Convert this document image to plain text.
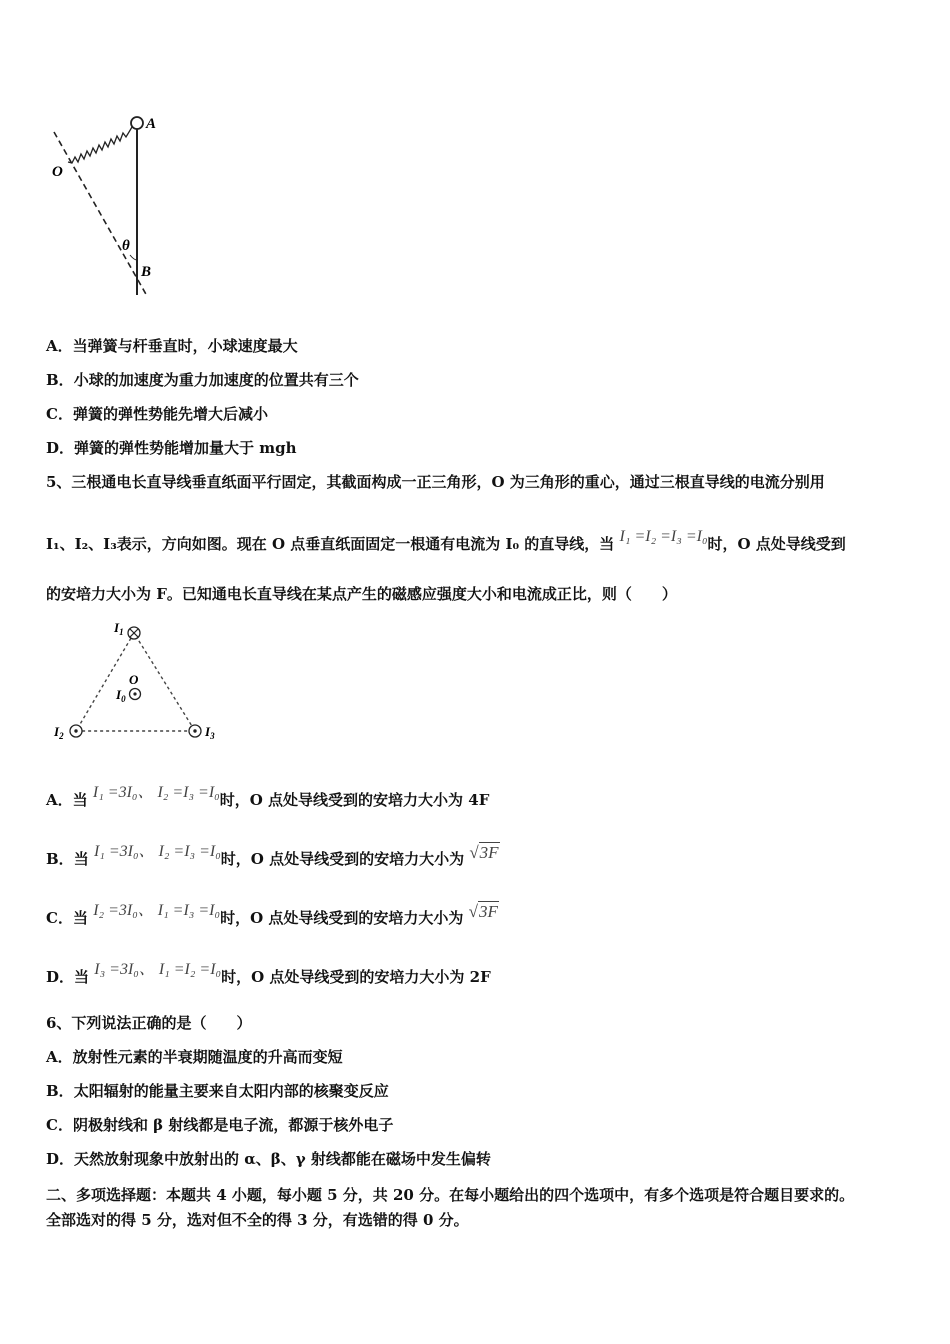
A
O
θ
B
A．当弹簧与杆垂直时，小球速度最大
B．小球的加速度为重力加速度的位置共有三个
C．弹簧的弹性势能先增大后减小
D．弹簧的弹性势能增加量大于 mgh
5、三根通电长直导线垂直纸面平行固定，其截面构成一正三角形，O 为三角形的重心，通过三根直导线的电流分别用
I₁、I₂、I₃表示，方向如图。现在 O 点垂直纸面固定一根通有电流为 I₀ 的直导线，当 I₁ =I₂ =I₃ =I₀时，O 点处导线受到
的安培力大小为 F。已知通电长直导线在某点产生的磁感应强度大小和电流成正比，则（　　）
$I_1$
O
$I_0$
$I_2$	$I_3$
A．当 I₁ =3I₀、 I₂ =I₃ =I₀时，O 点处导线受到的安培力大小为 4F
B．当 I₁ =3I₀、 I₂ =I₃ =I₀时，O 点处导线受到的安培力大小为 √3F
C．当 I₂ =3I₀、 I₁ =I₃ =I₀时，O 点处导线受到的安培力大小为 √3F
D．当 I₃ =3I₀、 I₁ =I₂ =I₀时，O 点处导线受到的安培力大小为 2F
6、下列说法正确的是（　　）
A．放射性元素的半衰期随温度的升高而变短
B．太阳辐射的能量主要来自太阳内部的核聚变反应
C．阴极射线和 β 射线都是电子流，都源于核外电子
D．天然放射现象中放射出的 α、β、γ 射线都能在磁场中发生偏转
二、多项选择题：本题共 4 小题，每小题 5 分，共 20 分。在每小题给出的四个选项中，有多个选项是符合题目要求的。
全部选对的得 5 分，选对但不全的得 3 分，有选错的得 0 分。
